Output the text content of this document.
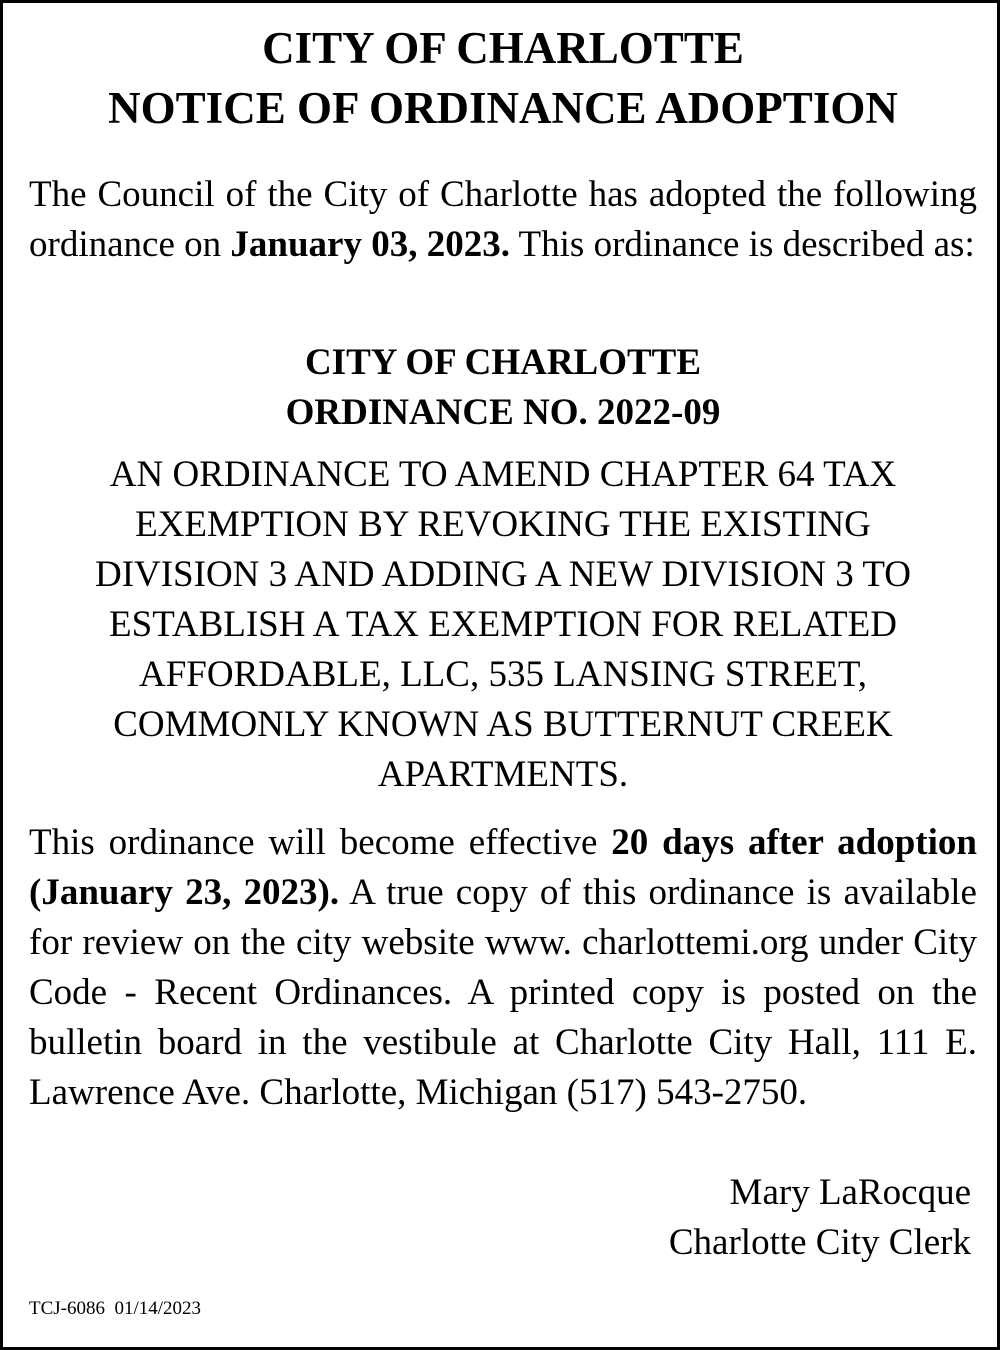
CITY OF CHARLOTTE
NOTICE OF ORDINANCE ADOPTION
The Council of the City of Charlotte has adopted the following ordinance on January 03, 2023. This ordinance is described as:
CITY OF CHARLOTTE
ORDINANCE NO. 2022-09
AN ORDINANCE TO AMEND CHAPTER 64 TAX
EXEMPTION BY REVOKING THE EXISTING
DIVISION 3 AND ADDING A NEW DIVISION 3 TO
ESTABLISH A TAX EXEMPTION FOR RELATED
AFFORDABLE, LLC, 535 LANSING STREET,
COMMONLY KNOWN AS BUTTERNUT CREEK
APARTMENTS.
This ordinance will become effective 20 days after adoption (January 23, 2023). A true copy of this ordinance is available for review on the city website www. charlottemi.org under City Code - Recent Ordinances. A printed copy is posted on the bulletin board in the vestibule at Charlotte City Hall, 111 E. Lawrence Ave. Charlotte, Michigan (517) 543-2750.
Mary LaRocque
Charlotte City Clerk
TCJ-6086  01/14/2023
